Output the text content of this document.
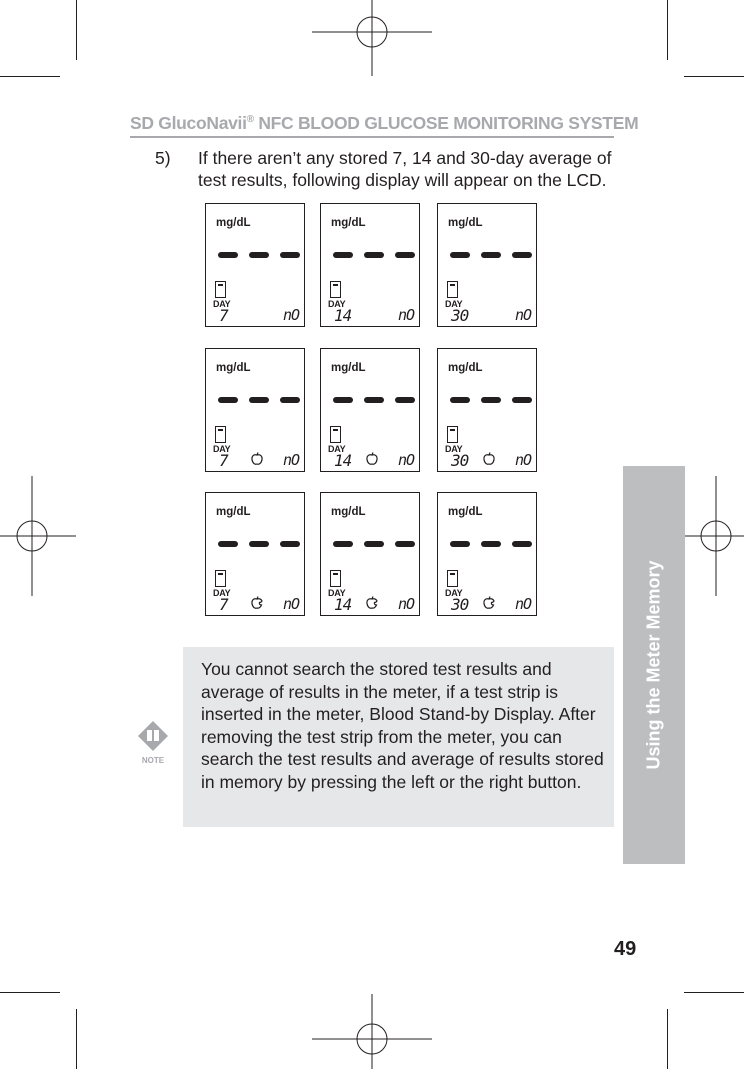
SD GlucoNavii® NFC BLOOD GLUCOSE MONITORING SYSTEM
5) If there aren’t any stored 7, 14 and 30-day average of test results, following display will appear on the LCD.
mg/dL
DAY
7	nO
mg/dL
DAY
14	nO
mg/dL
DAY
30	nO
mg/dL
DAY
7	nO
mg/dL
DAY
14	nO
mg/dL
DAY
30	nO
mg/dL
DAY
7	nO
mg/dL
DAY
14	nO
mg/dL
DAY
30	nO	Using the Meter Memory
NOTE
You cannot search the stored test results and average of results in the meter, if a test strip is inserted in the meter, Blood Stand-by Display. After removing the test strip from the meter, you can search the test results and average of results stored in memory by pressing the left or the right button.
49
